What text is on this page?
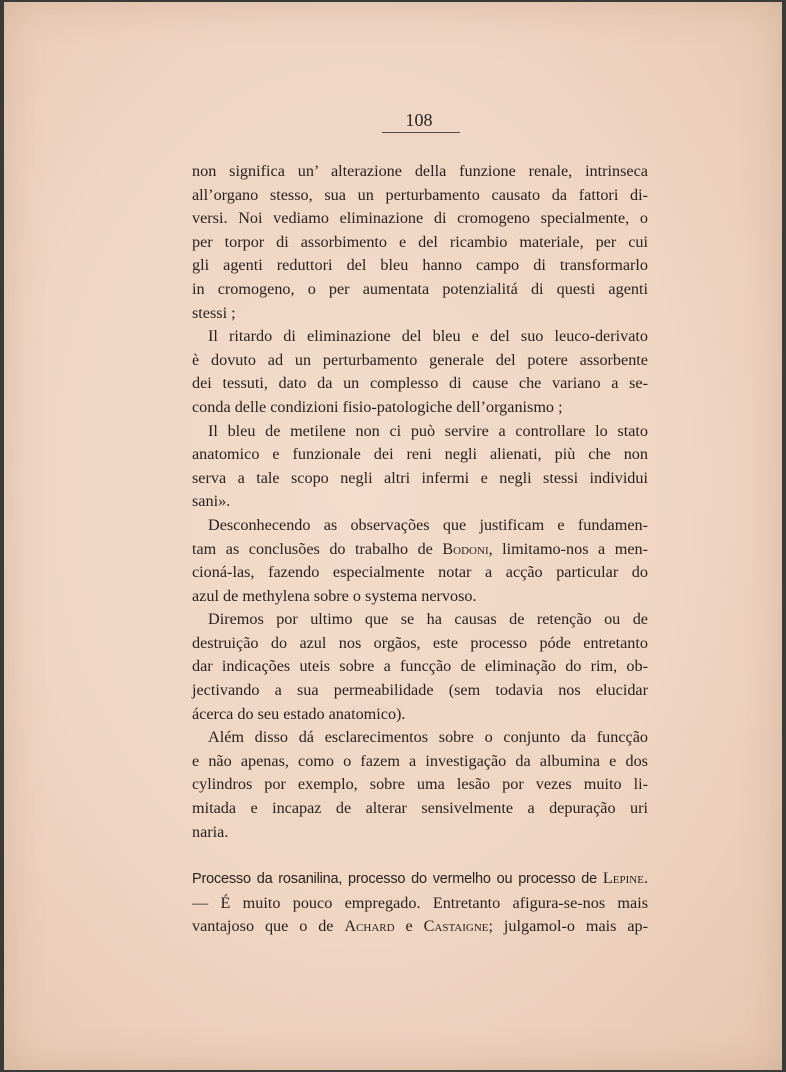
108
non significa un’ alterazione della funzione renale, intrinseca
all’organo stesso, sua un perturbamento causato da fattori di-
versi. Noi vediamo eliminazione di cromogeno specialmente, o
per torpor di assorbimento e del ricambio materiale, per cui
gli agenti reduttori del bleu hanno campo di transformarlo
in cromogeno, o per aumentata potenzialitá di questi agenti
stessi ;
Il ritardo di eliminazione del bleu e del suo leuco-derivato
è dovuto ad un perturbamento generale del potere assorbente
dei tessuti, dato da un complesso di cause che variano a se-
conda delle condizioni fisio-patologiche dell’organismo ;
Il bleu de metilene non ci può servire a controllare lo stato
anatomico e funzionale dei reni negli alienati, più che non
serva a tale scopo negli altri infermi e negli stessi individui
sani».
Desconhecendo as observações que justificam e fundamen-
tam as conclusões do trabalho de Bodoni, limitamo-nos a men-
cioná-las, fazendo especialmente notar a acção particular do
azul de methylena sobre o systema nervoso.
Diremos por ultimo que se ha causas de retenção ou de
destruição do azul nos orgãos, este processo póde entretanto
dar indicações uteis sobre a funcção de eliminação do rim, ob-
jectivando a sua permeabilidade (sem todavia nos elucidar
ácerca do seu estado anatomico).
Além disso dá esclarecimentos sobre o conjunto da funcção
e não apenas, como o fazem a investigação da albumina e dos
cylindros por exemplo, sobre uma lesão por vezes muito li-
mitada e incapaz de alterar sensivelmente a depuração uri
naria.
Processo da rosanilina, processo do vermelho ou processo de Lepine.
— É muito pouco empregado. Entretanto afigura-se-nos mais
vantajoso que o de Achard e Castaigne; julgamol-o mais ap-
